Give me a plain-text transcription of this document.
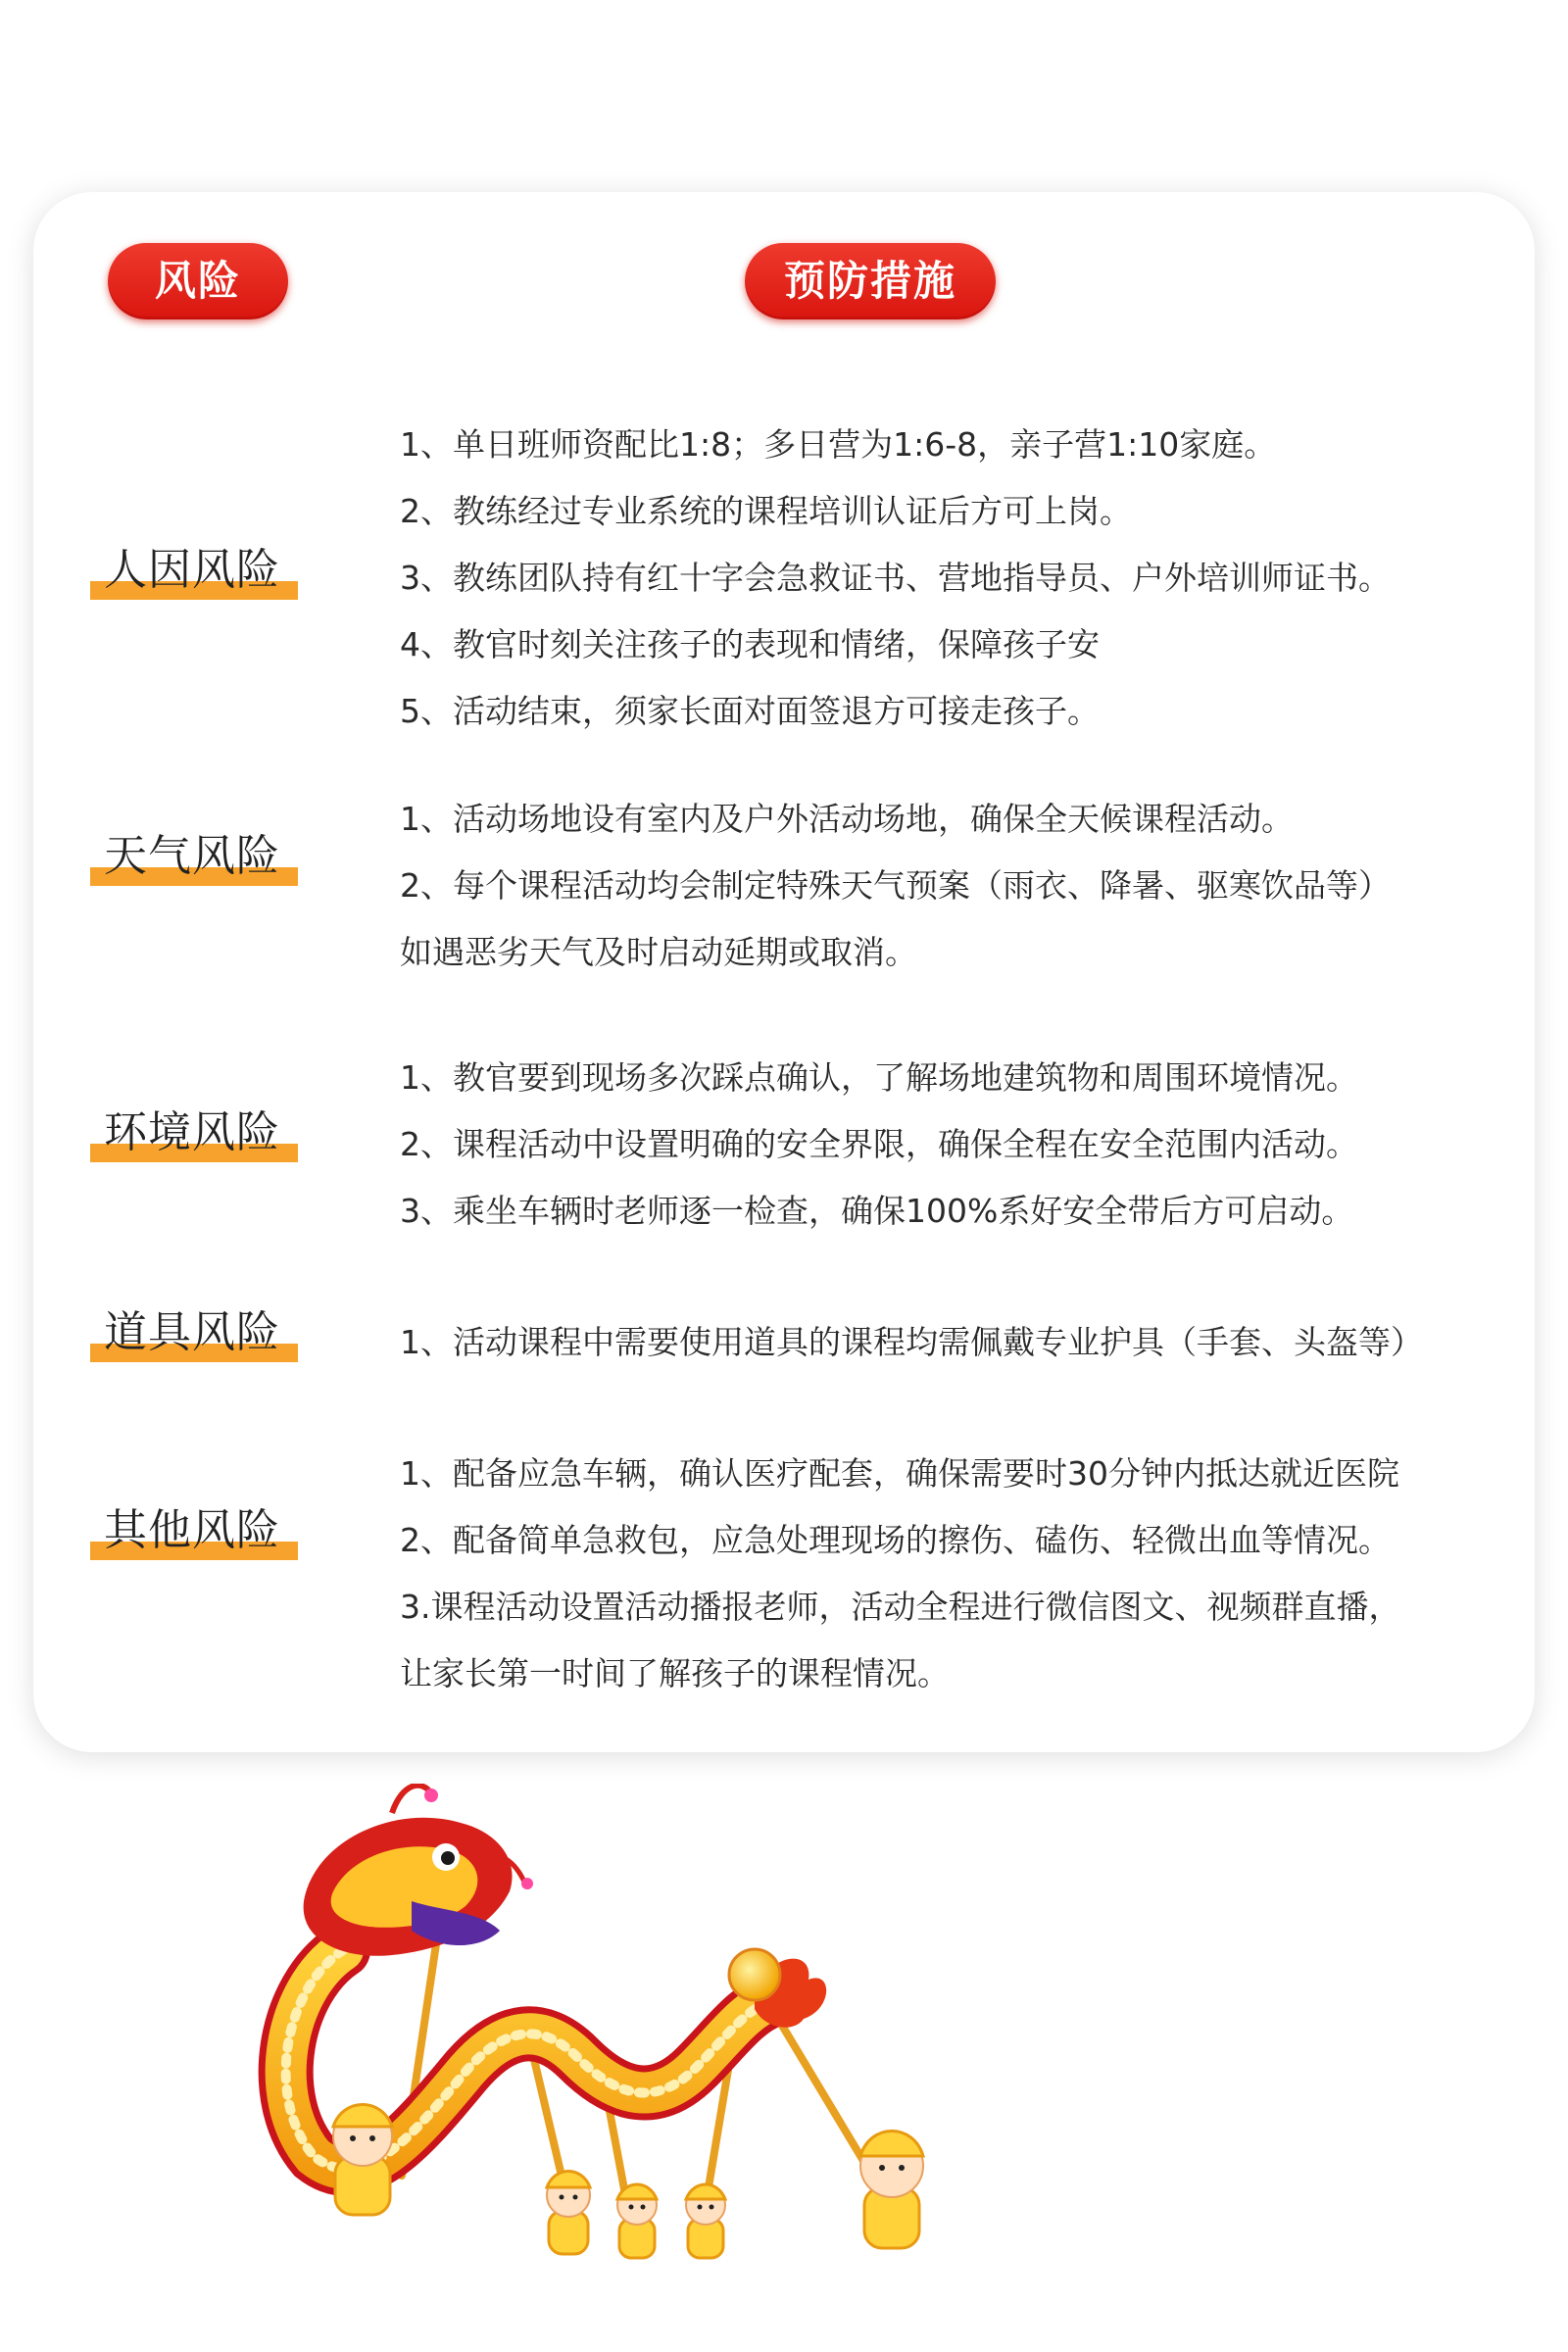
风险	预防措施
人因风险
1、单日班师资配比1:8；多日营为1:6-8，亲子营1:10家庭。
2、教练经过专业系统的课程培训认证后方可上岗。
3、教练团队持有红十字会急救证书、营地指导员、户外培训师证书。
4、教官时刻关注孩子的表现和情绪，保障孩子安
5、活动结束，须家长面对面签退方可接走孩子。
天气风险
1、活动场地设有室内及户外活动场地，确保全天候课程活动。
2、每个课程活动均会制定特殊天气预案（雨衣、降暑、驱寒饮品等）
如遇恶劣天气及时启动延期或取消。
环境风险
1、教官要到现场多次踩点确认，了解场地建筑物和周围环境情况。
2、课程活动中设置明确的安全界限，确保全程在安全范围内活动。
3、乘坐车辆时老师逐一检查，确保100%系好安全带后方可启动。
道具风险	1、活动课程中需要使用道具的课程均需佩戴专业护具（手套、头盔等）
其他风险
1、配备应急车辆，确认医疗配套，确保需要时30分钟内抵达就近医院
2、配备简单急救包，应急处理现场的擦伤、磕伤、轻微出血等情况。
3.课程活动设置活动播报老师，活动全程进行微信图文、视频群直播，
让家长第一时间了解孩子的课程情况。
